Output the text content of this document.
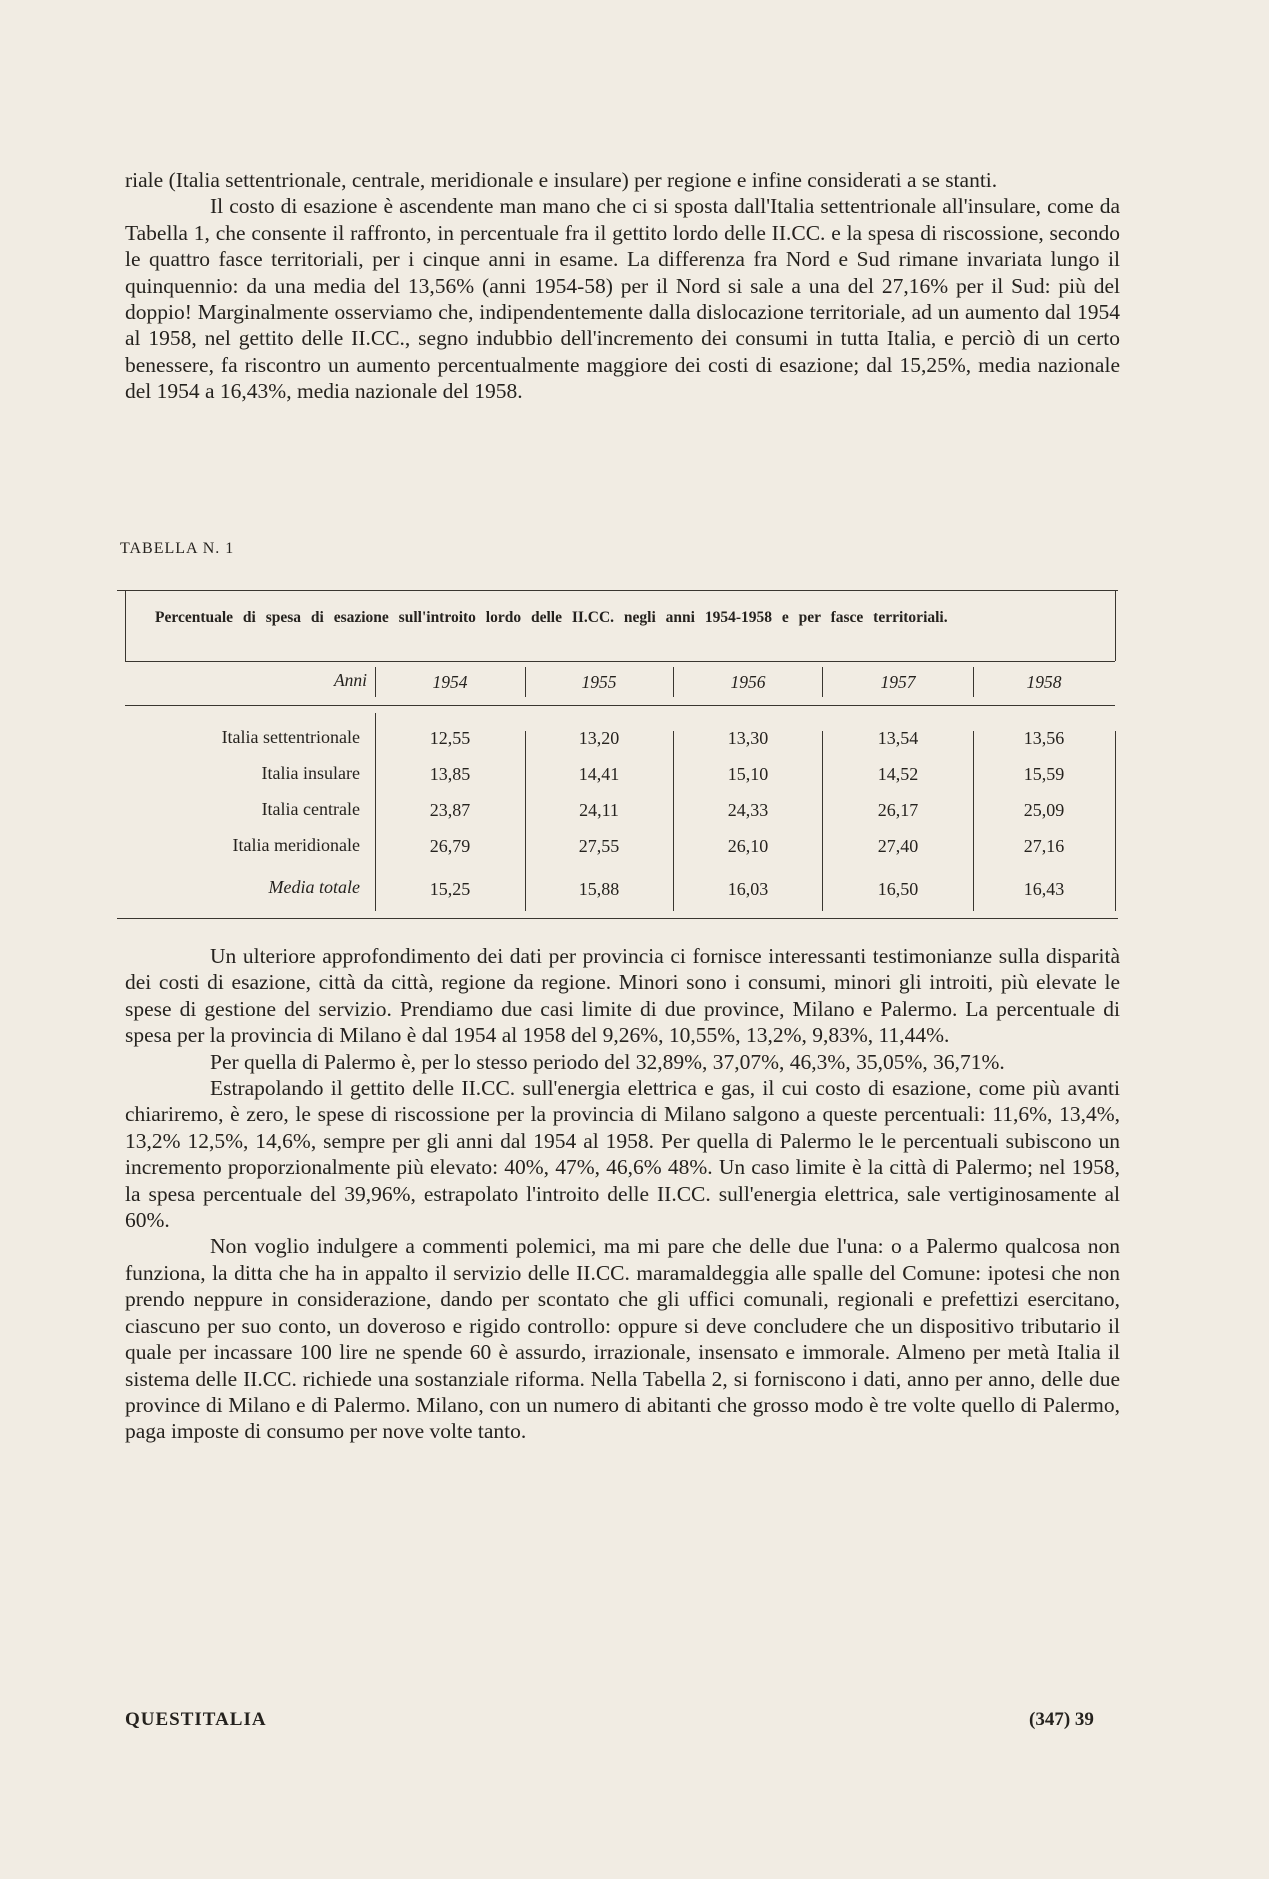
riale (Italia settentrionale, centrale, meridionale e insulare) per regione e infine considerati a se stanti.

Il costo di esazione è ascendente man mano che ci si sposta dall'Italia settentrionale all'insulare, come da Tabella 1, che consente il raffronto, in percentuale fra il gettito lordo delle II.CC. e la spesa di riscossione, secondo le quattro fasce territoriali, per i cinque anni in esame. La differenza fra Nord e Sud rimane invariata lungo il quinquennio: da una media del 13,56% (anni 1954-58) per il Nord si sale a una del 27,16% per il Sud: più del doppio! Marginalmente osserviamo che, indipendentemente dalla dislocazione territoriale, ad un aumento dal 1954 al 1958, nel gettito delle II.CC., segno indubbio dell'incremento dei consumi in tutta Italia, e perciò di un certo benessere, fa riscontro un aumento percentualmente maggiore dei costi di esazione; dal 15,25%, media nazionale del 1954 a 16,43%, media nazionale del 1958.

TABELLA N. 1
Percentuale di spesa di esazione sull'introito lordo delle II.CC. negli anni 1954-1958 e per fasce territoriali.
Anni	1954	1955	1956	1957	1958
Italia settentrionale	12,55	13,20	13,30	13,54	13,56
Italia insulare	13,85	14,41	15,10	14,52	15,59
Italia centrale	23,87	24,11	24,33	26,17	25,09
Italia meridionale	26,79	27,55	26,10	27,40	27,16
Media totale	15,25	15,88	16,03	16,50	16,43

Un ulteriore approfondimento dei dati per provincia ci fornisce interessanti testimonianze sulla disparità dei costi di esazione, città da città, regione da regione. Minori sono i consumi, minori gli introiti, più elevate le spese di gestione del servizio. Prendiamo due casi limite di due province, Milano e Palermo. La percentuale di spesa per la provincia di Milano è dal 1954 al 1958 del 9,26%, 10,55%, 13,2%, 9,83%, 11,44%.

Per quella di Palermo è, per lo stesso periodo del 32,89%, 37,07%, 46,3%, 35,05%, 36,71%.

Estrapolando il gettito delle II.CC. sull'energia elettrica e gas, il cui costo di esazione, come più avanti chiariremo, è zero, le spese di riscossione per la provincia di Milano salgono a queste percentuali: 11,6%, 13,4%, 13,2% 12,5%, 14,6%, sempre per gli anni dal 1954 al 1958. Per quella di Palermo le le percentuali subiscono un incremento proporzionalmente più elevato: 40%, 47%, 46,6% 48%. Un caso limite è la città di Palermo; nel 1958, la spesa percentuale del 39,96%, estrapolato l'introito delle II.CC. sull'energia elettrica, sale vertiginosamente al 60%.

Non voglio indulgere a commenti polemici, ma mi pare che delle due l'una: o a Palermo qualcosa non funziona, la ditta che ha in appalto il servizio delle II.CC. maramaldeggia alle spalle del Comune: ipotesi che non prendo neppure in considerazione, dando per scontato che gli uffici comunali, regionali e prefettizi esercitano, ciascuno per suo conto, un doveroso e rigido controllo: oppure si deve concludere che un dispositivo tributario il quale per incassare 100 lire ne spende 60 è assurdo, irrazionale, insensato e immorale. Almeno per metà Italia il sistema delle II.CC. richiede una sostanziale riforma. Nella Tabella 2, si forniscono i dati, anno per anno, delle due province di Milano e di Palermo. Milano, con un numero di abitanti che grosso modo è tre volte quello di Palermo, paga imposte di consumo per nove volte tanto.

QUESTITALIA	(347) 39
